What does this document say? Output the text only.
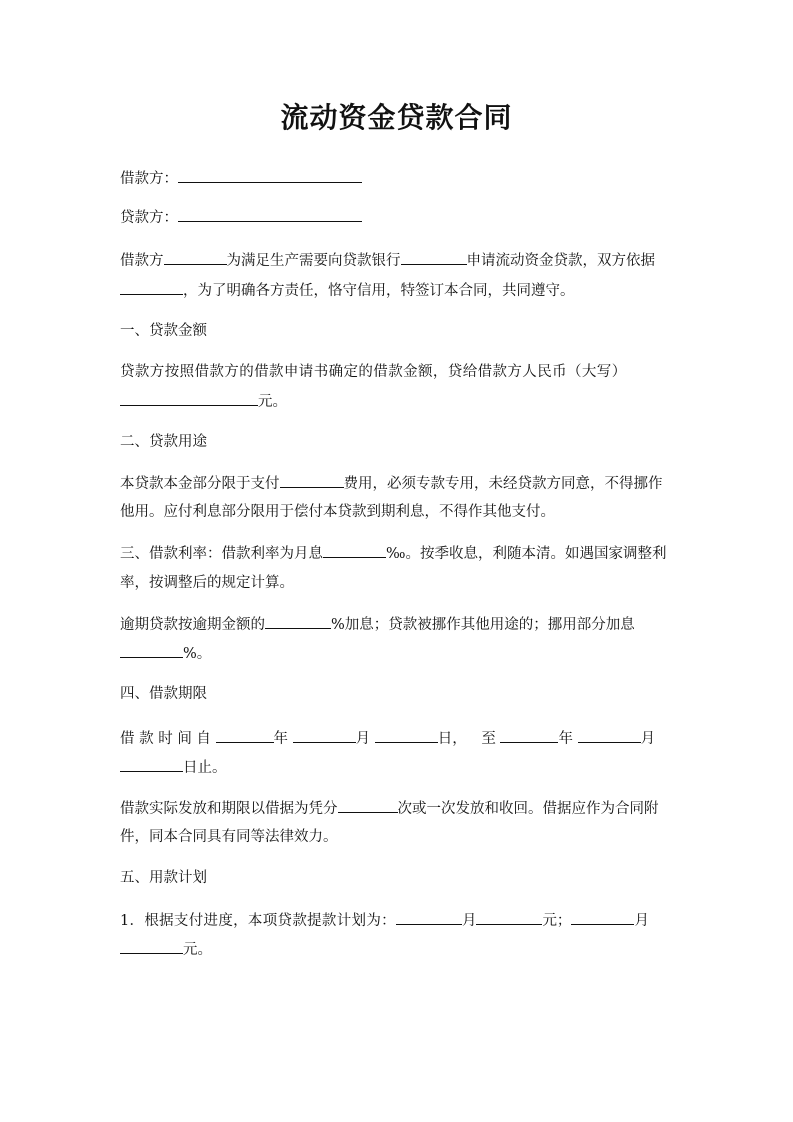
流动资金贷款合同
借款方：
贷款方：
借款方	为满足生产需要向贷款银行	申请流动资金贷款，双方依据
，为了明确各方责任，恪守信用，特签订本合同，共同遵守。
一、贷款金额
贷款方按照借款方的借款申请书确定的借款金额，贷给借款方人民币（大写）
元。
二、贷款用途
本贷款本金部分限于支付	费用，必须专款专用，未经贷款方同意，不得挪作
他用。应付利息部分限用于偿付本贷款到期利息，不得作其他支付。
三、借款利率：借款利率为月息	‰。按季收息，利随本清。如遇国家调整利
率，按调整后的规定计算。
逾期贷款按逾期金额的	%加息；贷款被挪作其他用途的；挪用部分加息
%。
四、借款期限
借 款 时 间 自	年	月	日， 至	年	月
日止。
借款实际发放和期限以借据为凭分	次或一次发放和收回。借据应作为合同附
件，同本合同具有同等法律效力。
五、用款计划
1．根据支付进度，本项贷款提款计划为：	月	元；	月
元。
